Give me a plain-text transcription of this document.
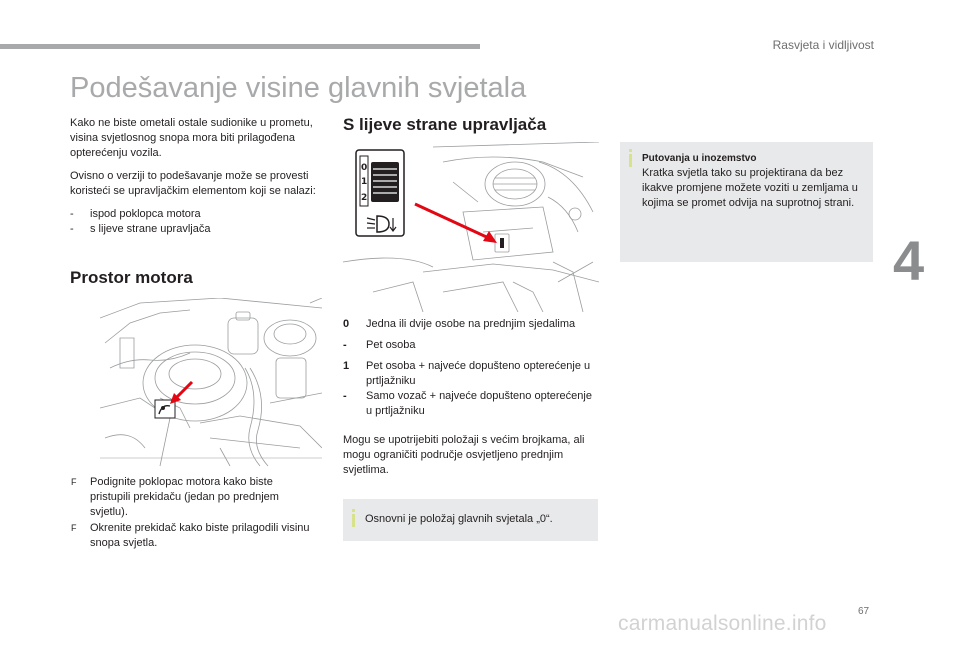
Rasvjeta i vidljivost
4
Podešavanje visine glavnih svjetala

Kako ne biste ometali ostale sudionike u prometu, visina svjetlosnog snopa mora biti prilagođena opterećenju vozila.

Ovisno o verziji to podešavanje može se provesti koristeći se upravljačkim elementom koji se nalazi:

- ispod poklopca motora
- s lijeve strane upravljača
Prostor motora
F Podignite poklopac motora kako biste pristupili prekidaču (jedan po prednjem svjetlu).
F Okrenite prekidač kako biste prilagodili visinu snopa svjetla.
S lijeve strane upravljača
0
1
2
0 Jedna ili dvije osobe na prednjim sjedalima
- Pet osoba
1 Pet osoba + najveće dopušteno opterećenje u prtljažniku
- Samo vozač + najveće dopušteno opterećenje u prtljažniku

Mogu se upotrijebiti položaji s većim brojkama, ali mogu ograničiti područje osvjetljeno prednjim svjetlima.

Osnovni je položaj glavnih svjetala „0“.
Putovanja u inozemstvo
Kratka svjetla tako su projektirana da bez ikakve promjene možete voziti u zemljama u kojima se promet odvija na suprotnoj strani.
67
carmanualsonline.info
